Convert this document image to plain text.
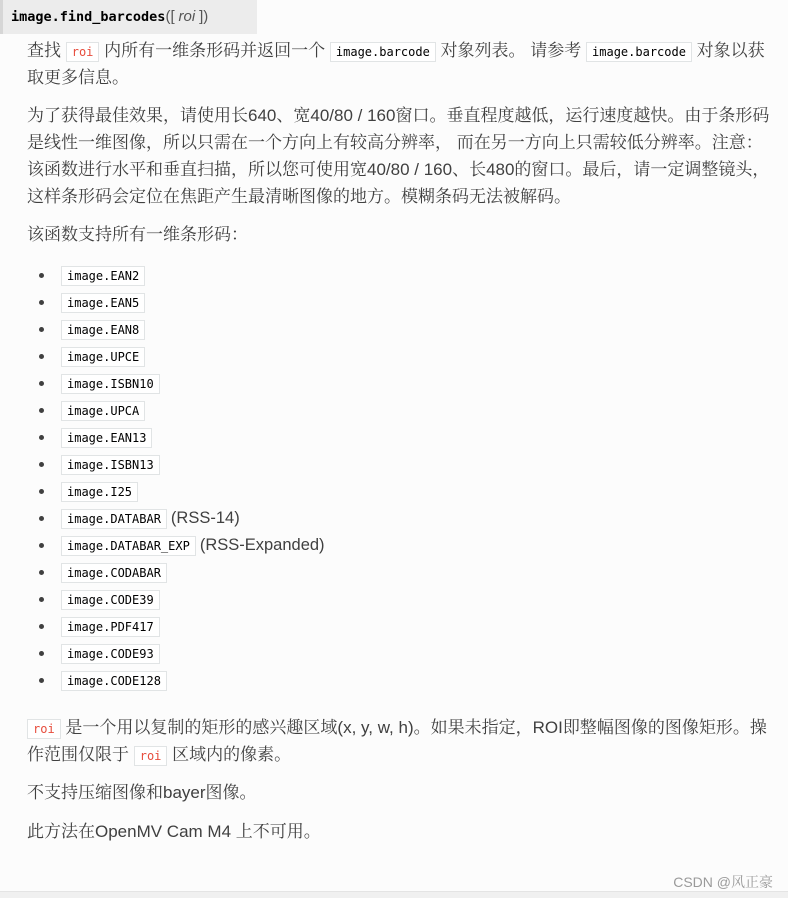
image.find_barcodes([ roi ])

查找 roi 内所有一维条形码并返回一个 image.barcode 对象列表。 请参考 image.barcode 对象以获取更多信息。

为了获得最佳效果，请使用长640、宽40/80 / 160窗口。垂直程度越低，运行速度越快。由于条形码是线性一维图像，所以只需在一个方向上有较高分辨率， 而在另一方向上只需较低分辨率。注意：该函数进行水平和垂直扫描，所以您可使用宽40/80 / 160、长480的窗口。最后，请一定调整镜头，这样条形码会定位在焦距产生最清晰图像的地方。模糊条码无法被解码。

该函数支持所有一维条形码：

image.EAN2
image.EAN5
image.EAN8
image.UPCE
image.ISBN10
image.UPCA
image.EAN13
image.ISBN13
image.I25
image.DATABAR (RSS-14)
image.DATABAR_EXP (RSS-Expanded)
image.CODABAR
image.CODE39
image.PDF417
image.CODE93
image.CODE128

roi 是一个用以复制的矩形的感兴趣区域(x, y, w, h)。如果未指定，ROI即整幅图像的图像矩形。操作范围仅限于 roi 区域内的像素。

不支持压缩图像和bayer图像。

此方法在OpenMV Cam M4 上不可用。

CSDN @风正豪
